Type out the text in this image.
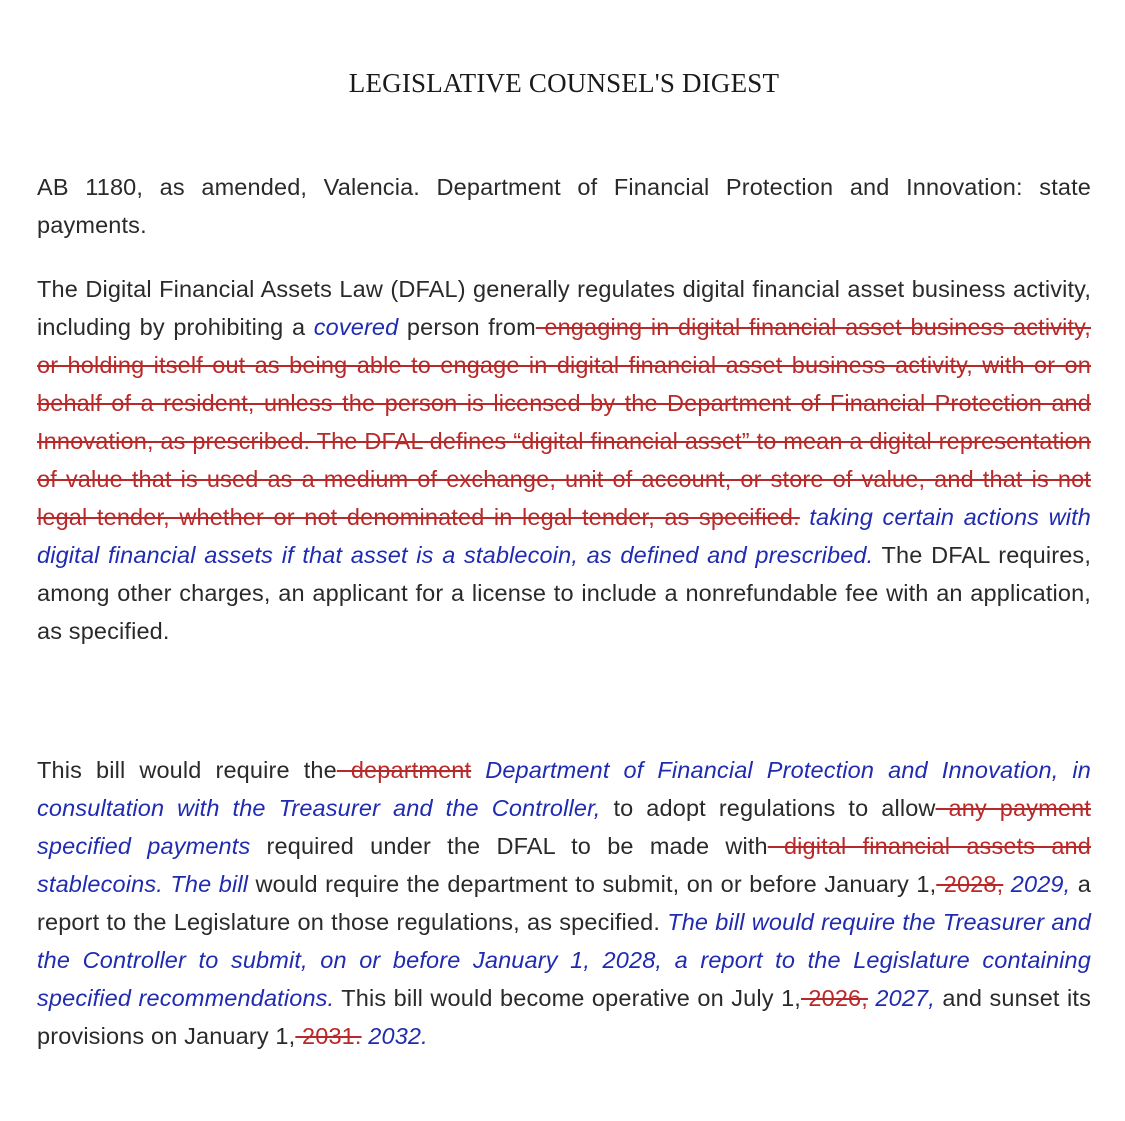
LEGISLATIVE COUNSEL'S DIGEST

AB 1180, as amended, Valencia. Department of Financial Protection and Innovation: state payments.

The Digital Financial Assets Law (DFAL) generally regulates digital financial asset business activity, including by prohibiting a covered person from engaging in digital financial asset business activity, or holding itself out as being able to engage in digital financial asset business activity, with or on behalf of a resident, unless the person is licensed by the Department of Financial Protection and Innovation, as prescribed. The DFAL defines “digital financial asset” to mean a digital representation of value that is used as a medium of exchange, unit of account, or store of value, and that is not legal tender, whether or not denominated in legal tender, as specified. taking certain actions with digital financial assets if that asset is a stablecoin, as defined and prescribed. The DFAL requires, among other charges, an applicant for a license to include a nonrefundable fee with an application, as specified.

This bill would require the department Department of Financial Protection and Innovation, in consultation with the Treasurer and the Controller, to adopt regulations to allow any payment specified payments required under the DFAL to be made with digital financial assets and stablecoins. The bill would require the department to submit, on or before January 1, 2028, 2029, a report to the Legislature on those regulations, as specified. The bill would require the Treasurer and the Controller to submit, on or before January 1, 2028, a report to the Legislature containing specified recommendations. This bill would become operative on July 1, 2026, 2027, and sunset its provisions on January 1, 2031. 2032.
